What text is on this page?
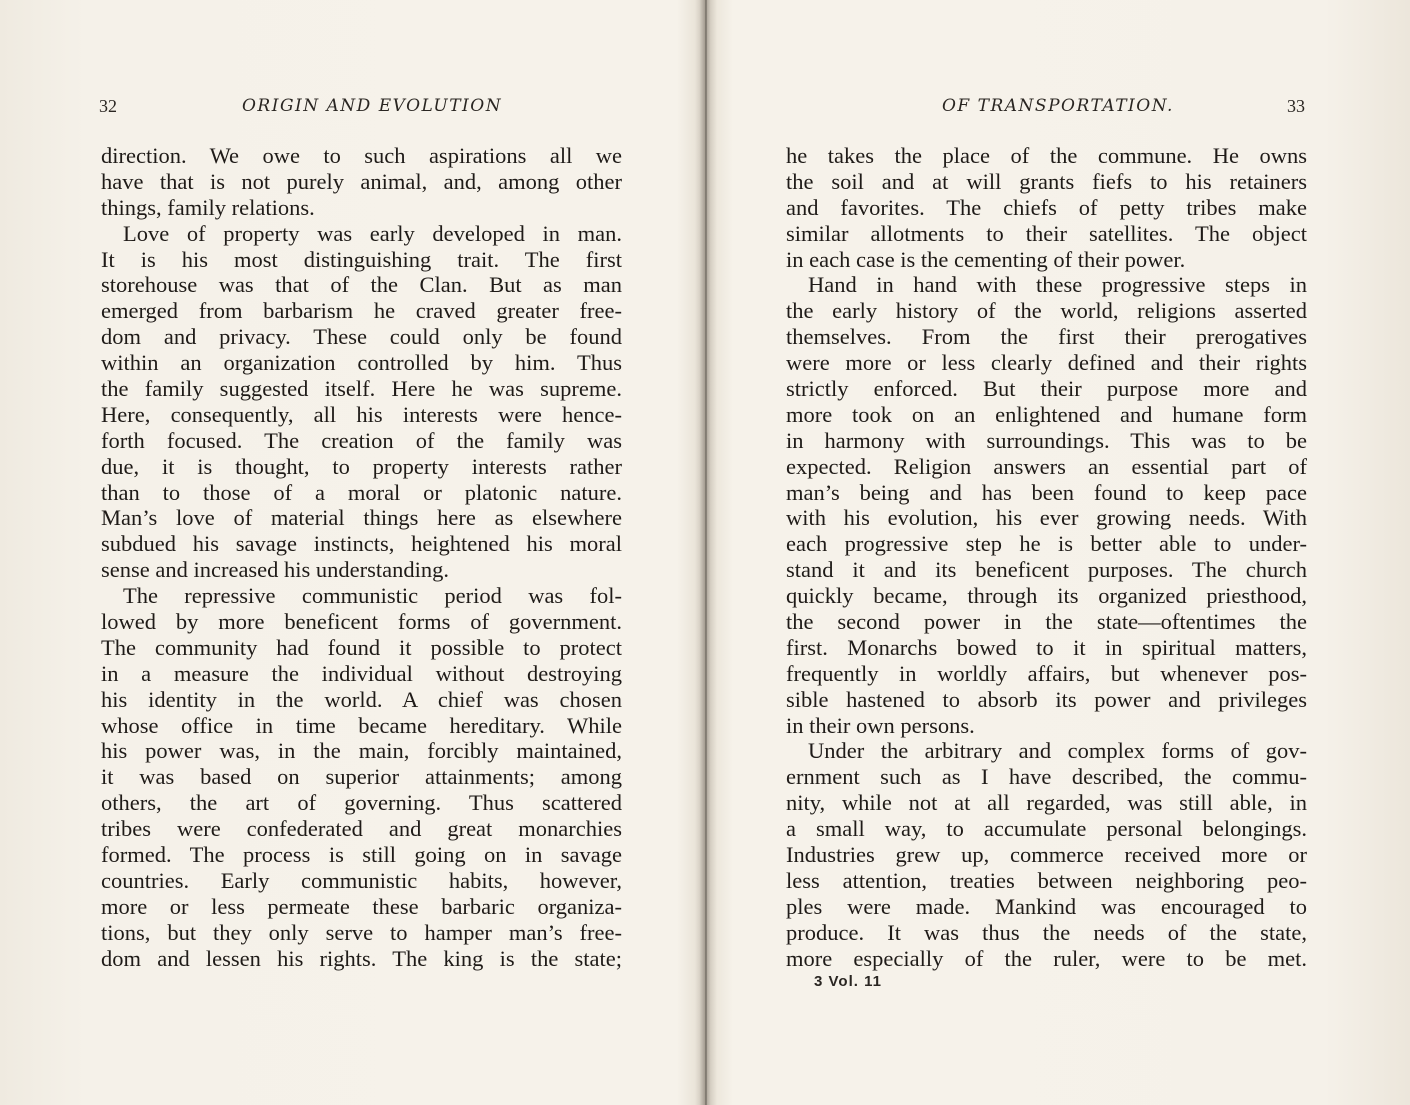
32	ORIGIN AND EVOLUTION
direction. We owe to such aspirations all we
have that is not purely animal, and, among other
things, family relations.
Love of property was early developed in man.
It is his most distinguishing trait. The first
storehouse was that of the Clan. But as man
emerged from barbarism he craved greater free-
dom and privacy. These could only be found
within an organization controlled by him. Thus
the family suggested itself. Here he was supreme.
Here, consequently, all his interests were hence-
forth focused. The creation of the family was
due, it is thought, to property interests rather
than to those of a moral or platonic nature.
Man’s love of material things here as elsewhere
subdued his savage instincts, heightened his moral
sense and increased his understanding.
The repressive communistic period was fol-
lowed by more beneficent forms of government.
The community had found it possible to protect
in a measure the individual without destroying
his identity in the world. A chief was chosen
whose office in time became hereditary. While
his power was, in the main, forcibly maintained,
it was based on superior attainments; among
others, the art of governing. Thus scattered
tribes were confederated and great monarchies
formed. The process is still going on in savage
countries. Early communistic habits, however,
more or less permeate these barbaric organiza-
tions, but they only serve to hamper man’s free-
dom and lessen his rights. The king is the state;
OF TRANSPORTATION.	33
he takes the place of the commune. He owns
the soil and at will grants fiefs to his retainers
and favorites. The chiefs of petty tribes make
similar allotments to their satellites. The object
in each case is the cementing of their power.
Hand in hand with these progressive steps in
the early history of the world, religions asserted
themselves. From the first their prerogatives
were more or less clearly defined and their rights
strictly enforced. But their purpose more and
more took on an enlightened and humane form
in harmony with surroundings. This was to be
expected. Religion answers an essential part of
man’s being and has been found to keep pace
with his evolution, his ever growing needs. With
each progressive step he is better able to under-
stand it and its beneficent purposes. The church
quickly became, through its organized priesthood,
the second power in the state—oftentimes the
first. Monarchs bowed to it in spiritual matters,
frequently in worldly affairs, but whenever pos-
sible hastened to absorb its power and privileges
in their own persons.
Under the arbitrary and complex forms of gov-
ernment such as I have described, the commu-
nity, while not at all regarded, was still able, in
a small way, to accumulate personal belongings.
Industries grew up, commerce received more or
less attention, treaties between neighboring peo-
ples were made. Mankind was encouraged to
produce. It was thus the needs of the state,
more especially of the ruler, were to be met.
3 Vol. 11
